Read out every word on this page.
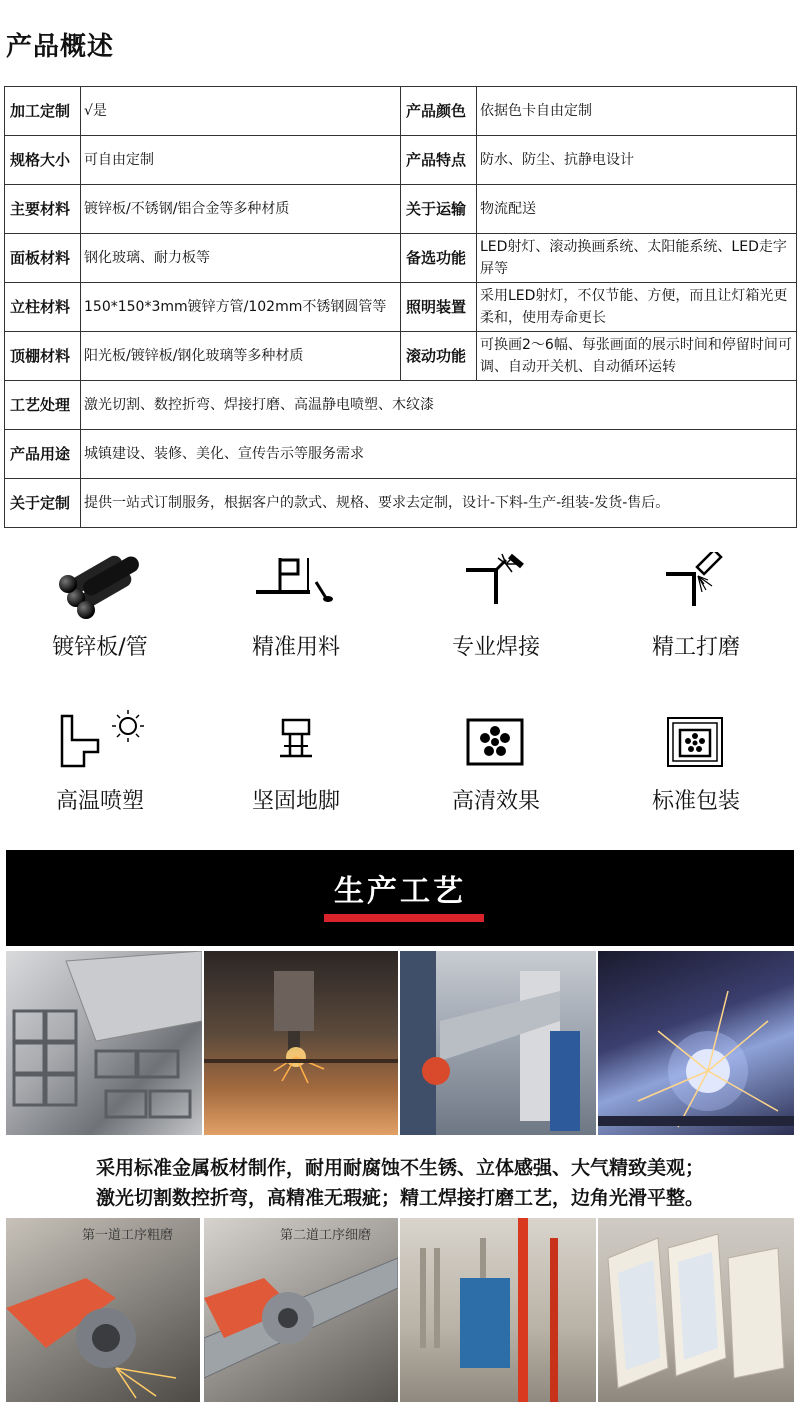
产品概述
加工定制	√是	产品颜色	依据色卡自由定制
规格大小	可自由定制	产品特点	防水、防尘、抗静电设计
主要材料	镀锌板/不锈钢/铝合金等多种材质	关于运输	物流配送
面板材料	钢化玻璃、耐力板等	备选功能	LED射灯、滚动换画系统、太阳能系统、LED走字屏等
立柱材料	150*150*3mm镀锌方管/102mm不锈钢圆管等	照明装置	采用LED射灯，不仅节能、方便，而且让灯箱光更柔和，使用寿命更长
顶棚材料	阳光板/镀锌板/钢化玻璃等多种材质	滚动功能	可换画2～6幅、每张画面的展示时间和停留时间可调、自动开关机、自动循环运转
工艺处理	激光切割、数控折弯、焊接打磨、高温静电喷塑、木纹漆		
产品用途	城镇建设、装修、美化、宣传告示等服务需求		
关于定制	提供一站式订制服务，根据客户的款式、规格、要求去定制，设计-下料-生产-组装-发货-售后。		
镀锌板/管	精准用料	专业焊接	精工打磨
高温喷塑	坚固地脚	高清效果	标准包装
生产工艺
采用标准金属板材制作，耐用耐腐蚀不生锈、立体感强、大气精致美观；
激光切割数控折弯，高精准无瑕疵；精工焊接打磨工艺，边角光滑平整。
第一道工序粗磨	第二道工序细磨
